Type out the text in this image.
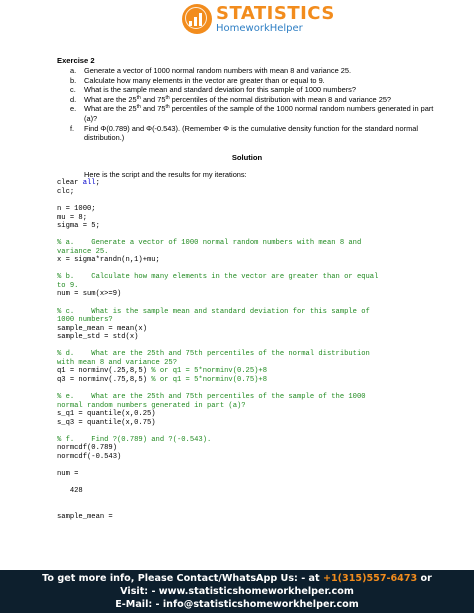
STATISTICS
HomeworkHelper

Exercise 2

a. Generate a vector of 1000 normal random numbers with mean 8 and variance 25.
b. Calculate how many elements in the vector are greater than or equal to 9.
c. What is the sample mean and standard deviation for this sample of 1000 numbers?
d. What are the 25th and 75th percentiles of the normal distribution with mean 8 and variance 25?
e. What are the 25th and 75th percentiles of the sample of the 1000 normal random numbers generated in part (a)?
f. Find Φ(0.789) and Φ(-0.543). (Remember Φ is the cumulative density function for the standard normal distribution.)
Solution
Here is the script and the results for my iterations:
clear all;
clc;

n = 1000;
mu = 8;
sigma = 5;

% a.    Generate a vector of 1000 normal random numbers with mean 8 and
variance 25.
x = sigma*randn(n,1)+mu;

% b.    Calculate how many elements in the vector are greater than or equal
to 9.
num = sum(x>=9)

% c.    What is the sample mean and standard deviation for this sample of
1000 numbers?
sample_mean = mean(x)
sample_std = std(x)

% d.    What are the 25th and 75th percentiles of the normal distribution
with mean 8 and variance 25?
q1 = norminv(.25,8,5) % or q1 = 5*norminv(0.25)+8
q3 = norminv(.75,8,5) % or q1 = 5*norminv(0.75)+8

% e.    What are the 25th and 75th percentiles of the sample of the 1000
normal random numbers generated in part (a)?
s_q1 = quantile(x,0.25)
s_q3 = quantile(x,0.75)

% f.    Find ?(0.789) and ?(-0.543).
normcdf(0.789)
normcdf(-0.543)

num =

428

sample_mean =
To get more info, Please Contact/WhatsApp Us: - at +1(315)557-6473 or
Visit: - www.statisticshomeworkhelper.com
E-Mail: - info@statisticshomeworkhelper.com
